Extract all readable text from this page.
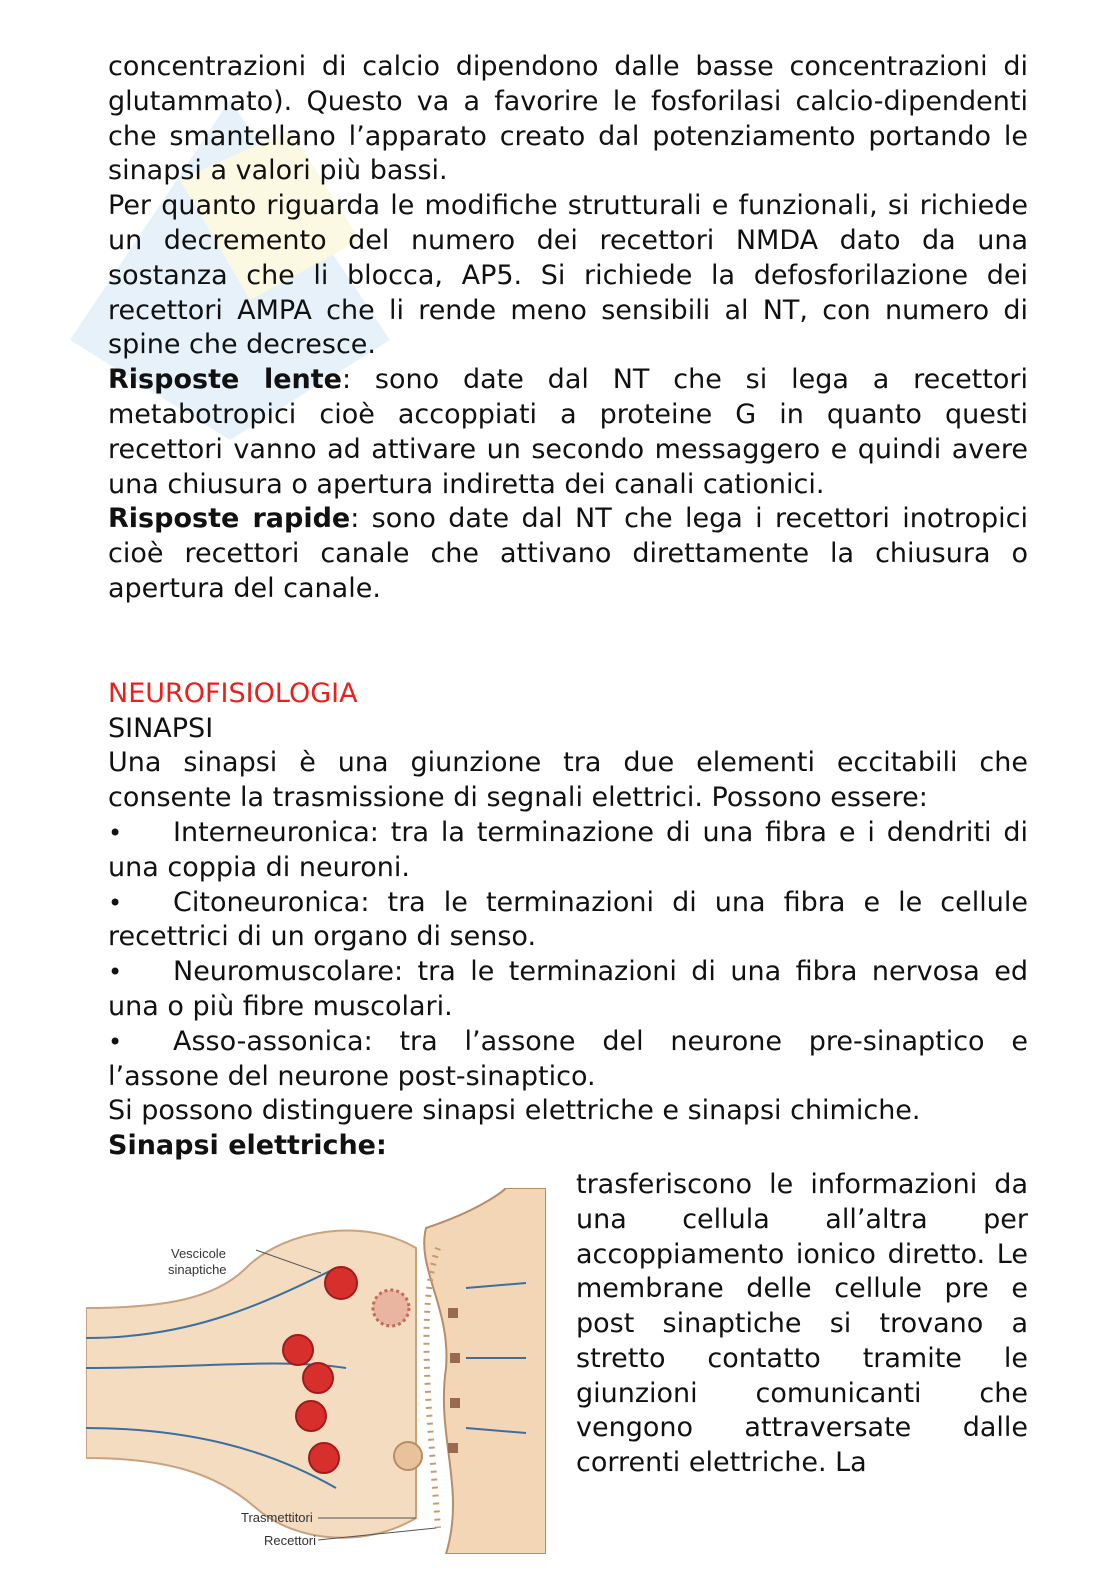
concentrazioni di calcio dipendono dalle basse concentrazioni di glutammato). Questo va a favorire le fosforilasi calcio-dipendenti che smantellano l’apparato creato dal potenziamento portando le sinapsi a valori più bassi.

Per quanto riguarda le modifiche strutturali e funzionali, si richiede un decremento del numero dei recettori NMDA dato da una sostanza che li blocca, AP5. Si richiede la defosforilazione dei recettori AMPA che li rende meno sensibili al NT, con numero di spine che decresce.

Risposte lente: sono date dal NT che si lega a recettori metabotropici cioè accoppiati a proteine G in quanto questi recettori vanno ad attivare un secondo messaggero e quindi avere una chiusura o apertura indiretta dei canali cationici.

Risposte rapide: sono date dal NT che lega i recettori inotropici cioè recettori canale che attivano direttamente la chiusura o apertura del canale.

NEUROFISIOLOGIA

SINAPSI

Una sinapsi è una giunzione tra due elementi eccitabili che consente la trasmissione di segnali elettrici. Possono essere:

• Interneuronica: tra la terminazione di una fibra e i dendriti di una coppia di neuroni.

• Citoneuronica: tra le terminazioni di una fibra e le cellule recettrici di un organo di senso.

• Neuromuscolare: tra le terminazioni di una fibra nervosa ed una o più fibre muscolari.

• Asso-assonica: tra l’assone del neurone pre-sinaptico e l’assone del neurone post-sinaptico.

Si possono distinguere sinapsi elettriche e sinapsi chimiche.

Sinapsi elettriche:

Vescicole
sinaptiche
Trasmettitori
Recettori

trasferiscono le informazioni da una cellula all’altra per accoppiamento ionico diretto. Le membrane delle cellule pre e post sinaptiche si trovano a stretto contatto tramite le giunzioni comunicanti che vengono attraversate dalle correnti elettriche. La
